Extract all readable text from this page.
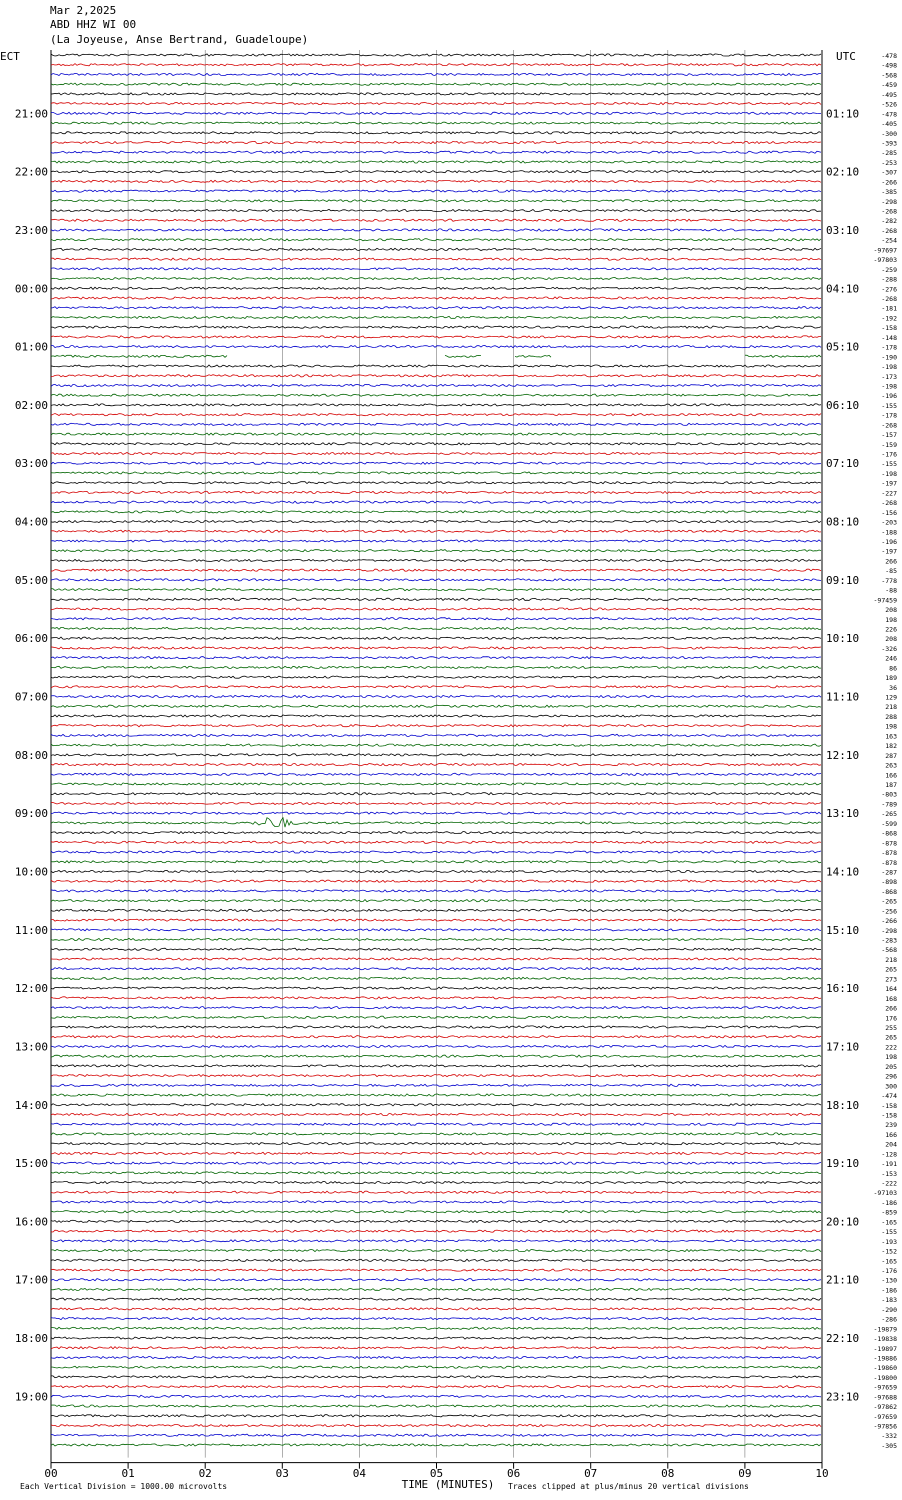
Mar 2,2025
ABD HHZ WI 00
(La Joyeuse, Anse Bertrand, Guadeloupe)
ECT	UTC	-478
-498
-568
-459
-495
-526
-478
-405
-300
-393
-285
-253
-307
-266
-385
-298
-268
-282
-268
-254
-97697
-97803
-259
-288
-276
-268
-181
-192
-158
-148
-178
-190
-198
-173
-198
-196
-155
-178
-268
-157
-159
-176
-155
-198
-197
-227
-268
-156
-203
-188
-196
-197
266
-85
-778
-88
-97459
208
198
226
208
-326
246
86
189
36
129
218
288
198
163
182
287
263
166
187
-803
-789
-265
-599
-868
-878
-878
-878
-287
-898
-868
-265
-256
-266
-298
-283
-568
218
265
273
164
168
266
176
255
265
222
198
205
296
300
-474
-158
-158
239
166
204
-128
-191
-153
-222
-97103
-186
-859
-165
-155
-193
-152
-165
-176
-130
-186
-183
-290
-286
-19879
-19838
-19897
-19886
-19860
-19800
-97659
-97688
-97862
-97659
-97856
-332
-305
21:00
22:00
23:00
00:00
01:00
02:00
03:00
04:00
05:00
06:00
07:00
08:00
09:00
10:00
11:00
12:00
13:00
14:00
15:00
16:00
17:00
18:00
19:00
01:10
02:10
03:10
04:10
05:10
06:10
07:10
08:10
09:10
10:10
11:10
12:10
13:10
14:10
15:10
16:10
17:10
18:10
19:10
20:10
21:10
22:10
23:10
00	01	02	03	04	05	06	07	08	09	10
Each Vertical Division = 1000.00 microvolts	TIME (MINUTES) Traces clipped at plus/minus 20 vertical divisions
